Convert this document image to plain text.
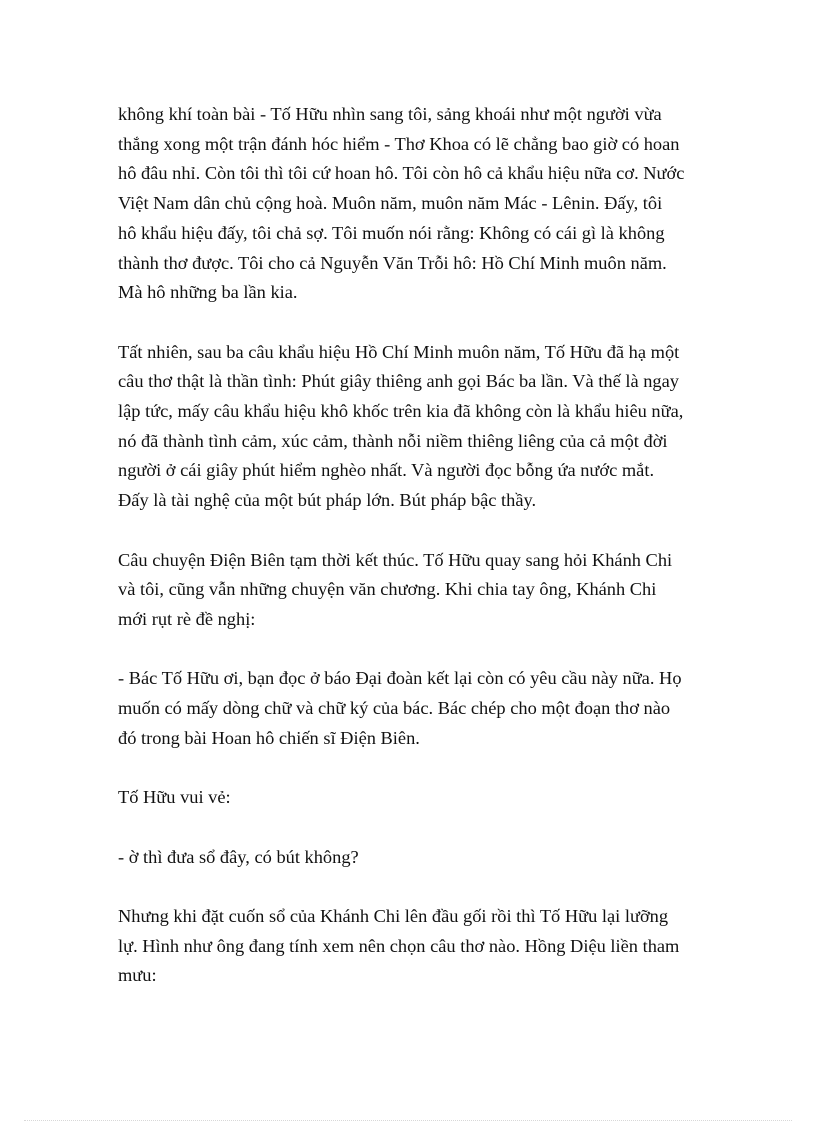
không khí toàn bài - Tố Hữu nhìn sang tôi, sảng khoái như một người vừa
thắng xong một trận đánh hóc hiểm - Thơ Khoa có lẽ chẳng bao giờ có hoan
hô đâu nhỉ. Còn tôi thì tôi cứ hoan hô. Tôi còn hô cả khẩu hiệu nữa cơ. Nước
Việt Nam dân chủ cộng hoà. Muôn năm, muôn năm Mác - Lênin. Đấy, tôi
hô khẩu hiệu đấy, tôi chả sợ. Tôi muốn nói rằng: Không có cái gì là không
thành thơ được. Tôi cho cả Nguyễn Văn Trỗi hô: Hồ Chí Minh muôn năm.
Mà hô những ba lần kia.

Tất nhiên, sau ba câu khẩu hiệu Hồ Chí Minh muôn năm, Tố Hữu đã hạ một
câu thơ thật là thần tình: Phút giây thiêng anh gọi Bác ba lần. Và thế là ngay
lập tức, mấy câu khẩu hiệu khô khốc trên kia đã không còn là khẩu hiêu nữa,
nó đã thành tình cảm, xúc cảm, thành nỗi niềm thiêng liêng của cả một đời
người ở cái giây phút hiểm nghèo nhất. Và người đọc bỗng ứa nước mắt.
Đấy là tài nghệ của một bút pháp lớn. Bút pháp bậc thầy.

Câu chuyện Điện Biên tạm thời kết thúc. Tố Hữu quay sang hỏi Khánh Chi
và tôi, cũng vẫn những chuyện văn chương. Khi chia tay ông, Khánh Chi
mới rụt rè đề nghị:

- Bác Tố Hữu ơi, bạn đọc ở báo Đại đoàn kết lại còn có yêu cầu này nữa. Họ
muốn có mấy dòng chữ và chữ ký của bác. Bác chép cho một đoạn thơ nào
đó trong bài Hoan hô chiến sĩ Điện Biên.

Tố Hữu vui vẻ:

- ờ thì đưa sổ đây, có bút không?

Nhưng khi đặt cuốn sổ của Khánh Chi lên đầu gối rồi thì Tố Hữu lại lưỡng
lự. Hình như ông đang tính xem nên chọn câu thơ nào. Hồng Diệu liền tham
mưu:
